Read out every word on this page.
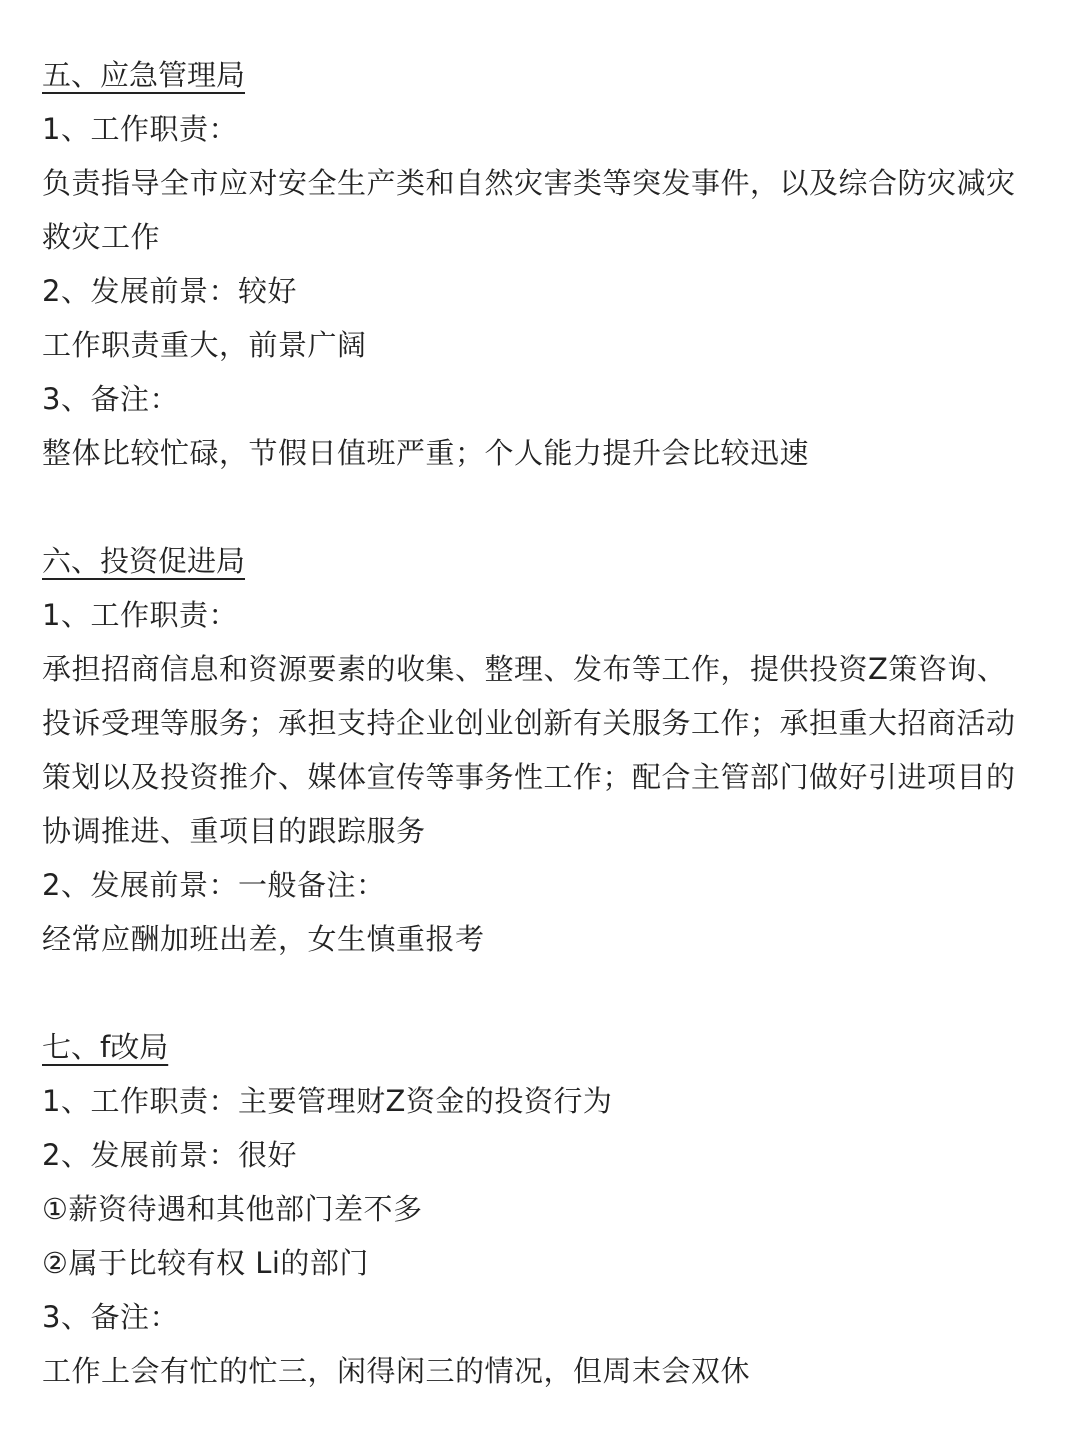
五、应急管理局
1、工作职责：
负责指导全市应对安全生产类和自然灾害类等突发事件，以及综合防灾减灾
救灾工作
2、发展前景：较好
工作职责重大，前景广阔
3、备注：
整体比较忙碌，节假日值班严重；个人能力提升会比较迅速
六、投资促进局
1、工作职责：
承担招商信息和资源要素的收集、整理、发布等工作，提供投资Z策咨询、
投诉受理等服务；承担支持企业创业创新有关服务工作；承担重大招商活动
策划以及投资推介、媒体宣传等事务性工作；配合主管部门做好引进项目的
协调推进、重项目的跟踪服务
2、发展前景：一般备注：
经常应酬加班出差，女生慎重报考
七、f改局
1、工作职责：主要管理财Z资金的投资行为
2、发展前景：很好
①薪资待遇和其他部门差不多
②属于比较有权 Li的部门
3、备注：
工作上会有忙的忙三，闲得闲三的情况，但周末会双休
